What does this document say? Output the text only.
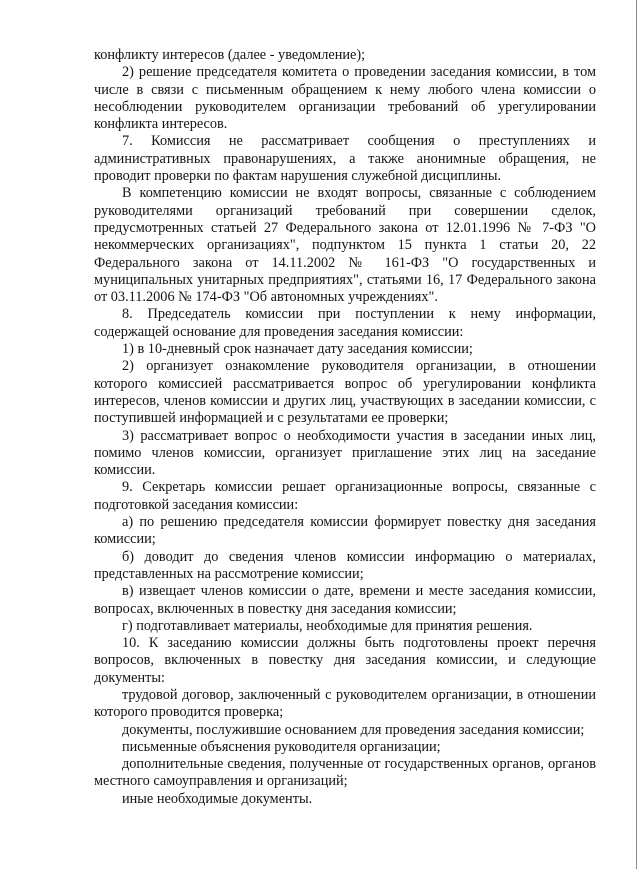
конфликту интересов (далее - уведомление);

2) решение председателя комитета о проведении заседания комиссии, в том числе в связи с письменным обращением к нему любого члена комиссии о несоблюдении руководителем организации требований об урегулировании конфликта интересов.

7. Комиссия не рассматривает сообщения о преступлениях и административных правонарушениях, а также анонимные обращения, не проводит проверки по фактам нарушения служебной дисциплины.

В компетенцию комиссии не входят вопросы, связанные с соблюдением руководителями организаций требований при совершении сделок, предусмотренных статьей 27 Федерального закона от 12.01.1996 № 7-ФЗ "О некоммерческих организациях", подпунктом 15 пункта 1 статьи 20, 22 Федерального закона от 14.11.2002 № 161-ФЗ "О государственных и муниципальных унитарных предприятиях", статьями 16, 17 Федерального закона от 03.11.2006 № 174-ФЗ "Об автономных учреждениях".

8. Председатель комиссии при поступлении к нему информации, содержащей основание для проведения заседания комиссии:

1) в 10-дневный срок назначает дату заседания комиссии;

2) организует ознакомление руководителя организации, в отношении которого комиссией рассматривается вопрос об урегулировании конфликта интересов, членов комиссии и других лиц, участвующих в заседании комиссии, с поступившей информацией и с результатами ее проверки;

3) рассматривает вопрос о необходимости участия в заседании иных лиц, помимо членов комиссии, организует приглашение этих лиц на заседание комиссии.

9. Секретарь комиссии решает организационные вопросы, связанные с подготовкой заседания комиссии:

а) по решению председателя комиссии формирует повестку дня заседания комиссии;

б) доводит до сведения членов комиссии информацию о материалах, представленных на рассмотрение комиссии;

в) извещает членов комиссии о дате, времени и месте заседания комиссии, вопросах, включенных в повестку дня заседания комиссии;

г) подготавливает материалы, необходимые для принятия решения.

10. К заседанию комиссии должны быть подготовлены проект перечня вопросов, включенных в повестку дня заседания комиссии, и следующие документы:

трудовой договор, заключенный с руководителем организации, в отношении которого проводится проверка;

документы, послужившие основанием для проведения заседания комиссии;

письменные объяснения руководителя организации;

дополнительные сведения, полученные от государственных органов, органов местного самоуправления и организаций;

иные необходимые документы.
